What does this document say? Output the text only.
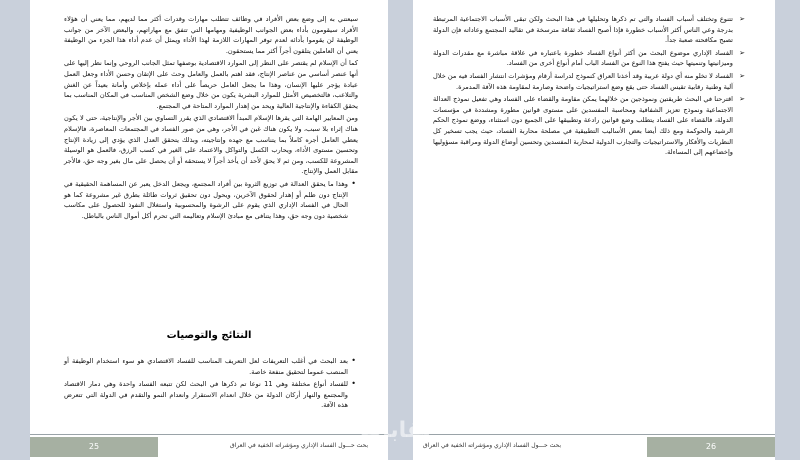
سيعتني به إلى وضع بعض الأفراد في وظائف تتطلب مهارات وقدرات أكثر مما لديهم، مما يعني أن هؤلاء الأفراد سيقومون بأداء بعض الجوانب الوظيفية ومهامها التي تتفق مع مهاراتهم، والبعض الآخر من جوانب الوظيفة لن يقوموا بأدائه لعدم توفر المهارات اللازمة لهذا الأداء ويمثل أن عدم أداء هذا الجزء من الوظيفة يعني أن العاملين يتلقون أجراً أكثر مما يستحقون.

كما أن الإسلام لم يقتصر على النظر إلى الموارد الاقتصادية بوصفها تمثل الجانب الروحي وإنما نظر إليها على أنها عنصر أساسي من عناصر الإنتاج، فقد اهتم بالعمل والعامل وحث على الإتقان وحسن الأداء وجعل العمل عبادة يؤجر عليها الإنسان، وهذا ما يجعل العامل حريصاً على أداء عمله بإخلاص وأمانة بعيداً عن الغش والتلاعب، فالتخصيص الأمثل للموارد البشرية يكون من خلال وضع الشخص المناسب في المكان المناسب بما يحقق الكفاءة والإنتاجية العالية ويحد من إهدار الموارد المتاحة في المجتمع.

ومن المعايير الهامة التي يقرها الإسلام المبدأ الاقتصادي الذي يقرر التساوي بين الأجر والإنتاجية، حتى لا يكون هناك إثراء بلا سبب، ولا يكون هناك غبن في الأجر، وهي من صور الفساد في المجتمعات المعاصرة، فالإسلام يعطي العامل أجره كاملاً بما يتناسب مع جهده وإنتاجيته، وبذلك يتحقق العدل الذي يؤدي إلى زيادة الإنتاج وتحسين مستوى الأداء، ويحارب الكسل والتواكل والاعتماد على الغير في كسب الرزق، فالعمل هو الوسيلة المشروعة للكسب، ومن ثم لا يحق لأحد أن يأخذ أجراً لا يستحقه أو أن يحصل على مال بغير وجه حق، فالأجر مقابل العمل والإنتاج.

• وهذا ما يحقق العدالة في توزيع الثروة بين أفراد المجتمع، ويجعل الدخل يعبر عن المساهمة الحقيقية في الإنتاج دون ظلم أو إهدار لحقوق الآخرين، ويحول دون تحقيق ثروات طائلة بطرق غير مشروعة كما هو الحال في الفساد الإداري الذي يقوم على الرشوة والمحسوبية واستغلال النفوذ للحصول على مكاسب شخصية دون وجه حق، وهذا يتنافى مع مبادئ الإسلام وتعاليمه التي تحرم أكل أموال الناس بالباطل.
النتائج والتوصيات
• بعد البحث في أغلب التعريفات لعل التعريف المناسب للفساد الاقتصادي هو سوء استخدام الوظيفة أو المنصب عموما لتحقيق منفعة خاصة.
• للفساد أنواع مختلفة وهي 11 نوعا تم ذكرها في البحث لكن تتبعه الفساد واحدة وهي دمار الاقتصاد والمجتمع والنهار أركان الدولة من خلال انعدام الاستقرار وانعدام النمو والتقدم في الدولة التي تتعرض هذه الآفة.
25	بحث حـــول الفساد الإداري ومؤشراته الخفية في العراق
➢ تتنوع وتختلف أسباب الفساد والتي تم ذكرها وتحليلها في هذا البحث ولكن تبقى الأسباب الاجتماعية المرتبطة بدرجة وعي الناس أكثر الأسباب خطورة فإذا أصبح الفساد ثقافة مترسخة في تقاليد المجتمع وعاداته فإن الدولة تصبح مكافحته صعبة جداً.
➢ الفساد الإداري موضوع البحث من أكثر أنواع الفساد خطورة باعتباره في علاقة مباشرة مع مقدرات الدولة وميزانيتها وتنميتها حيث يفتح هذا النوع من الفساد الباب أمام أنواع أخرى من الفساد.
➢ الفساد لا تخلو منه أي دولة عربية وقد أخذنا العراق كنموذج لدراسة أرقام ومؤشرات انتشار الفساد فيه من خلال آلية وطنية رقابية تقيس الفساد حتى يقع وضع استراتيجيات واضحة وصارمة لمقاومة هذه الآفة المدمرة.
➢ اقترحنا في البحث طريقتين ونموذجين من خلالهما يمكن مقاومة والقضاء على الفساد وهي تفعيل نموذج العدالة الاجتماعية ونموذج تعزيز الشفافية ومحاسبة المفسدين على مستوى قوانين مطورة ومشددة في مؤسسات الدولة، فالقضاء على الفساد يتطلب وضع قوانين رادعة وتطبيقها على الجميع دون استثناء، ووضع نموذج الحكم الرشيد والحوكمة ومع ذلك أيضا بعض الأساليب التطبيقية في مصلحة محاربة الفساد، حيث يجب تسخير كل النظريات والأفكار والاستراتيجيات والتجارب الدولية لمحاربة المفسدين وتحسين أوضاع الدولة ومراقبة مسؤوليها وإخضاعهم إلى المساءلة.
26
بحث حـــول الفساد الإداري ومؤشراته الخفية في العراق
نقابات
